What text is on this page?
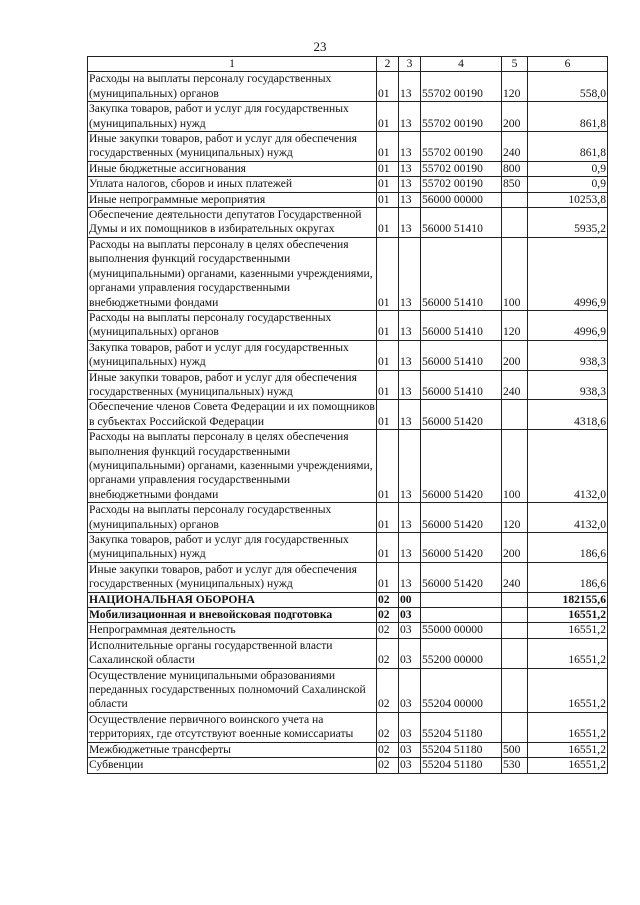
23
1	2	3	4	5	6
Расходы на выплаты персоналу государственных (муниципальных) органов	01	13	55702 00190	120	558,0
Закупка товаров, работ и услуг для государственных (муниципальных) нужд	01	13	55702 00190	200	861,8
Иные закупки товаров, работ и услуг для обеспечения государственных (муниципальных) нужд	01	13	55702 00190	240	861,8
Иные бюджетные ассигнования	01	13	55702 00190	800	0,9
Уплата налогов, сборов и иных платежей	01	13	55702 00190	850	0,9
Иные непрограммные мероприятия	01	13	56000 00000		10253,8
Обеспечение деятельности депутатов Государственной Думы и их помощников в избирательных округах	01	13	56000 51410		5935,2
Расходы на выплаты персоналу в целях обеспечения выполнения функций государственными (муниципальными) органами, казенными учреждениями, органами управления государственными внебюджетными фондами	01	13	56000 51410	100	4996,9
Расходы на выплаты персоналу государственных (муниципальных) органов	01	13	56000 51410	120	4996,9
Закупка товаров, работ и услуг для государственных (муниципальных) нужд	01	13	56000 51410	200	938,3
Иные закупки товаров, работ и услуг для обеспечения государственных (муниципальных) нужд	01	13	56000 51410	240	938,3
Обеспечение членов Совета Федерации и их помощников в субъектах Российской Федерации	01	13	56000 51420		4318,6
Расходы на выплаты персоналу в целях обеспечения выполнения функций государственными (муниципальными) органами, казенными учреждениями, органами управления государственными внебюджетными фондами	01	13	56000 51420	100	4132,0
Расходы на выплаты персоналу государственных (муниципальных) органов	01	13	56000 51420	120	4132,0
Закупка товаров, работ и услуг для государственных (муниципальных) нужд	01	13	56000 51420	200	186,6
Иные закупки товаров, работ и услуг для обеспечения государственных (муниципальных) нужд	01	13	56000 51420	240	186,6
НАЦИОНАЛЬНАЯ ОБОРОНА	02	00			182155,6
Мобилизационная и вневойсковая подготовка	02	03			16551,2
Непрограммная деятельность	02	03	55000 00000		16551,2
Исполнительные органы государственной власти Сахалинской области	02	03	55200 00000		16551,2
Осуществление муниципальными образованиями переданных государственных полномочий Сахалинской области	02	03	55204 00000		16551,2
Осуществление первичного воинского учета на территориях, где отсутствуют военные комиссариаты	02	03	55204 51180		16551,2
Межбюджетные трансферты	02	03	55204 51180	500	16551,2
Субвенции	02	03	55204 51180	530	16551,2
